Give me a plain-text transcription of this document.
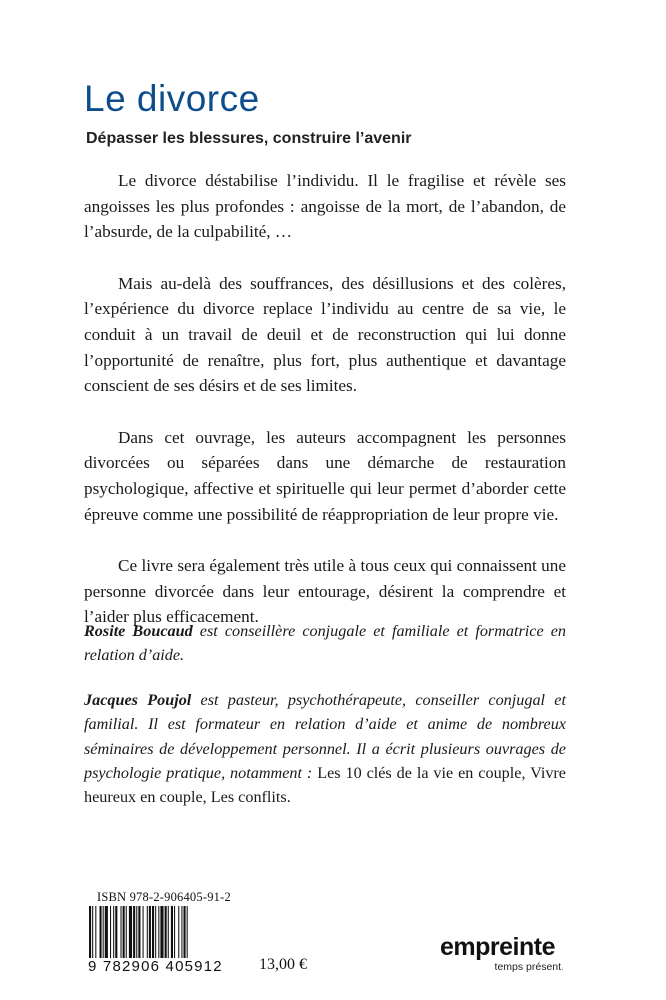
Le divorce
Dépasser les blessures, construire l’avenir

Le divorce déstabilise l’individu. Il le fragilise et révèle ses angoisses les plus profondes : angoisse de la mort, de l’abandon, de l’absurde, de la culpabilité, …

Mais au-delà des souffrances, des désillusions et des colères, l’expérience du divorce replace l’individu au centre de sa vie, le conduit à un travail de deuil et de reconstruction qui lui donne l’opportunité de renaître, plus fort, plus authentique et davantage conscient de ses désirs et de ses limites.

Dans cet ouvrage, les auteurs accompagnent les personnes divorcées ou séparées dans une démarche de restauration psychologique, affective et spirituelle qui leur permet d’aborder cette épreuve comme une possibilité de réappropriation de leur propre vie.

Ce livre sera également très utile à tous ceux qui connaissent une personne divorcée dans leur entourage, désirent la comprendre et l’aider plus efficacement.

Rosite Boucaud est conseillère conjugale et familiale et formatrice en relation d’aide.

Jacques Poujol est pasteur, psychothérapeute, conseiller conjugal et familial. Il est formateur en relation d’aide et anime de nombreux séminaires de développement personnel. Il a écrit plusieurs ouvrages de psychologie pratique, notamment : Les 10 clés de la vie en couple, Vivre heureux en couple, Les conflits.

ISBN 978-2-906405-91-2
9 782906 405912 13,00 €
empreinte
temps présent.
